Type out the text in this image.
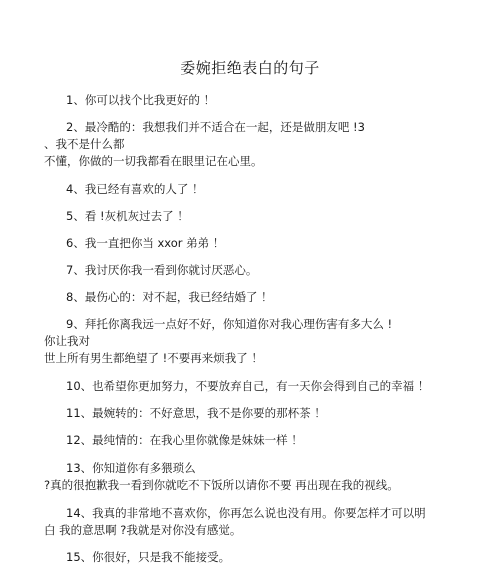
委婉拒绝表白的句子
1、你可以找个比我更好的 ！
2、最冷酷的：我想我们并不适合在一起，还是做朋友吧 !3
、我不是什么都
不懂，你做的一切我都看在眼里记在心里。
4、我已经有喜欢的人了 ！
5、看 !灰机灰过去了 ！
6、我一直把你当 xxor 弟弟 ！
7、我讨厌你我一看到你就讨厌恶心。
8、最伤心的：对不起，我已经结婚了 ！
9、拜托你离我远一点好不好，你知道你对我心理伤害有多大么 !
你让我对
世上所有男生都绝望了 !不要再来烦我了 ！
10、也希望你更加努力，不要放弃自己，有一天你会得到自己的幸福 ！
11、最婉转的：不好意思，我不是你要的那杯茶 ！
12、最纯情的：在我心里你就像是妹妹一样 ！
13、你知道你有多猥琐么
?真的很抱歉我一看到你就吃不下饭所以请你不要 再出现在我的视线。
14、我真的非常地不喜欢你，你再怎么说也没有用。你要怎样才可以明
白 我的意思啊 ?我就是对你没有感觉。
15、你很好，只是我不能接受。
